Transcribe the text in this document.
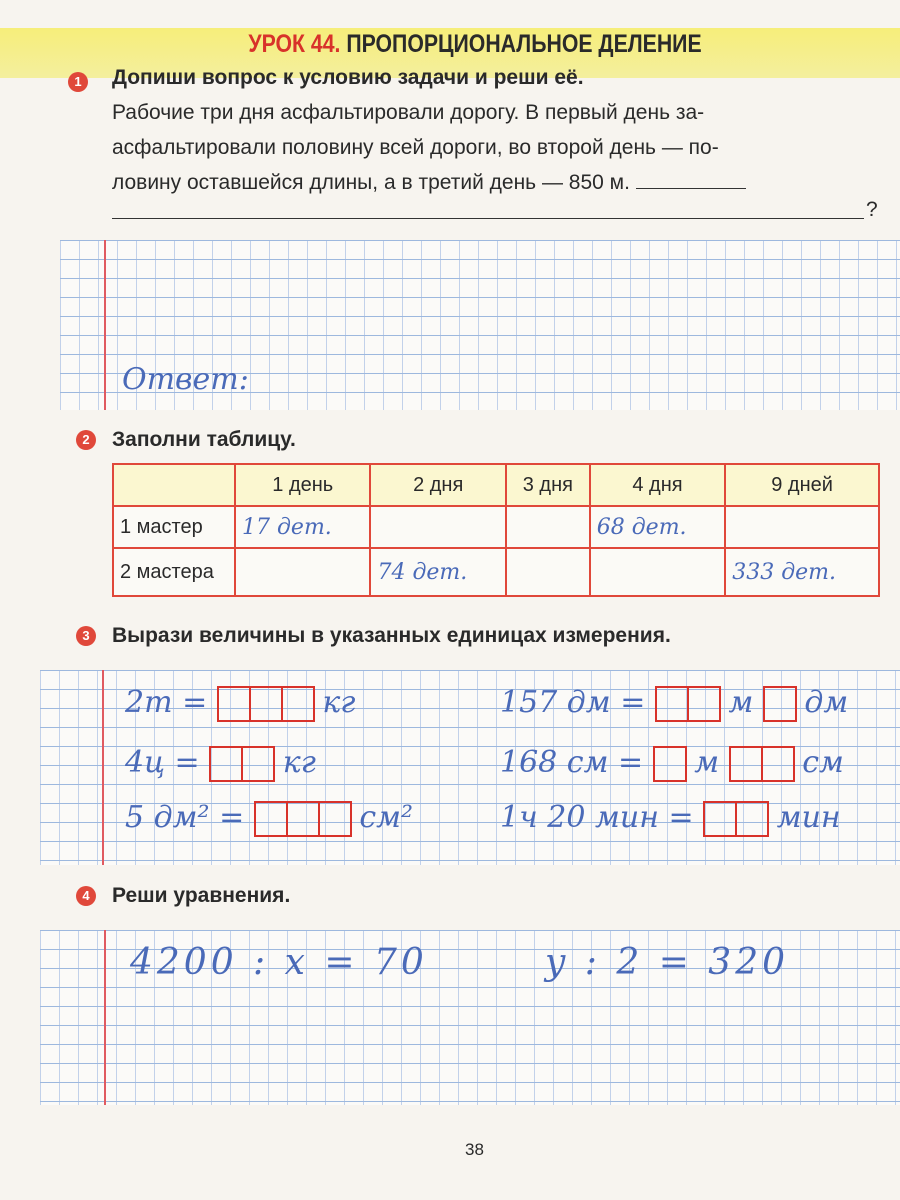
УРОК 44. ПРОПОРЦИОНАЛЬНОЕ ДЕЛЕНИЕ
1	Допиши вопрос к условию задачи и реши её.
Рабочие три дня асфальтировали дорогу. В первый день за-
асфальтировали половину всей дороги, во второй день — по-
ловину оставшейся длины, а в третий день — 850 м.
?
Ответ:
2	Заполни таблицу.
	1 день	2 дня	3 дня	4 дня	9 дней
1 мастер	17 дет.			68 дет.	
2 мастера		74 дет.			333 дет.
3	Вырази величины в указанных единицах измерения.
2т =	кг	157 дм =	м дм
4ц =	кг	168 см = м	см
5 дм² =	см²	1ч 20 мин =	мин
4	Реши уравнения.
4200 : x = 70	y : 2 = 320
38
